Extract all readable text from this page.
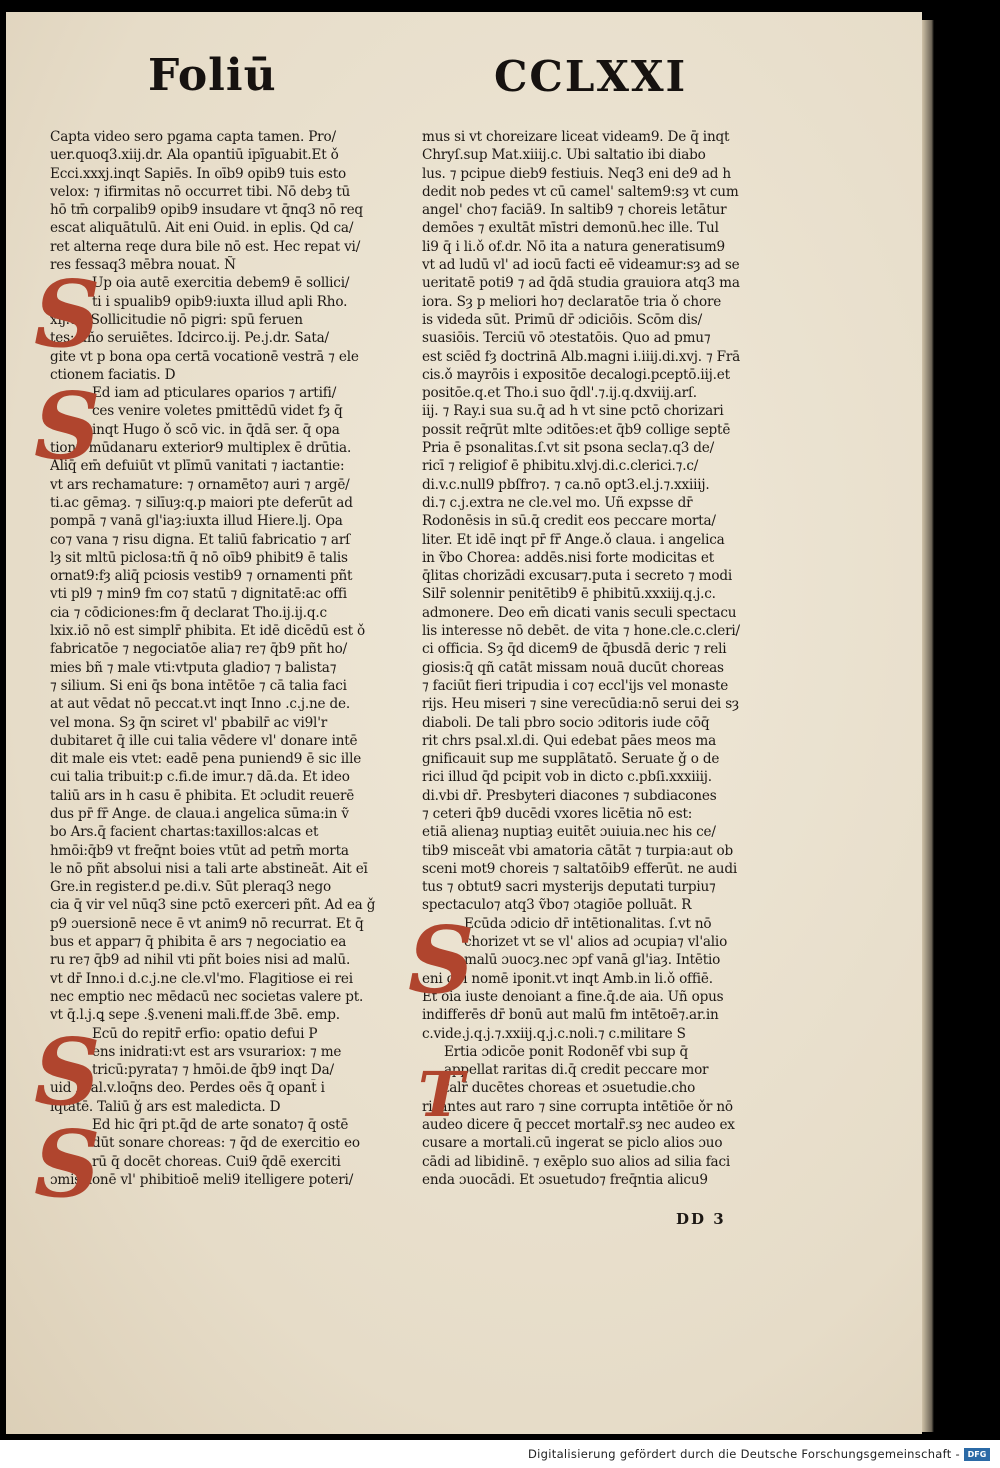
Foliū	CCLXXI
Capta video sero pgama capta tamen. Pro/
uer.quoq3.xiij.dr. Ala opantiū ipīguabit.Et ǒ
Ecci.xxxj.inqt Sapiēs. In oīb9 opib9 tuis esto
velox: ⁊ ifirmitas nō occurret tibi. Nō debȝ tū
hō tm̄ corpalib9 opib9 insudare vt q̄nq3 nō req
escat aliquātulū. Ait eni Ouid. in eplis. Qd ca/
ret alterna reqe dura bile nō est. Hec repat vi/
res fessaq3 mēbra nouat. Ñ
Up oia autē exercitia debem9 ē sollici/
ti i spualib9 opib9:iuxta illud apli Rho.
xij.di. Sollicitudie nō pigri: spū feruen
tes: dño seruiētes. Idcirco.ij. Pe.j.dr. Sata/
gite vt p bona opa certā vocationē vestrā ⁊ ele
ctionem faciatis. D
Ed iam ad pticulares oparios ⁊ artifi/
ces venire voletes pmittēdū videt fȝ q̄
inqt Hugo ǒ scō vic. in q̄dā ser. q̄ opa
tionū mūdanaru exterior9 multiplex ē drūtia.
Aliq̄ em̄ defuiūt vt plīmū vanitati ⁊ iactantie:
vt ars rechamature: ⁊ ornamēto⁊ auri ⁊ argē/
ti.ac gēmaȝ. ⁊ silīuȝ:q.p maiori pte deferūt ad
pompā ⁊ vanā gl'iaȝ:iuxta illud Hiere.lj. Opa
co⁊ vana ⁊ risu digna. Et taliū fabricatio ⁊ arſ
lȝ sit mltū piclosa:tñ q̄ nō oīb9 phibit9 ē talis
ornat9:fȝ aliq̄ pciosis vestib9 ⁊ ornamenti pñt
vti pl9 ⁊ min9 fm co⁊ statū ⁊ dignitatē:ac offi
cia ⁊ cōdiciones:fm q̄ declarat Tho.ij.ij.q.c
lxix.iō nō est simplr̄ phibita. Et idē dicēdū est ǒ
fabricatōe ⁊ negociatōe alia⁊ re⁊ q̄b9 pñt ho/
mies bñ ⁊ male vti:vtputa gladio⁊ ⁊ balista⁊
⁊ silium. Si eni q̄s bona intētōe ⁊ cā talia faci
at aut vēdat nō peccat.vt inqt Inno .c.j.ne de.
vel mona. Sȝ q̄n sciret vl' pbabilr̄ ac vi9l'r
dubitaret q̄ ille cui talia vēdere vl' donare intē
dit male eis vtet: eadē pena puniend9 ē sic ille
cui talia tribuit:p c.fi.de imur.⁊ dā.da. Et ideo
taliū ars in h casu ē phibita. Et ɔcludit reuerē
dus pr̄ fr̄ Ange. de claua.i angelica sūma:in ṽ
bo Ars.q̄ facient chartas:taxillos:alcas et
hmōi:q̄b9 vt freq̄nt boies vtūt ad petm̄ morta
le nō pñt absolui nisi a tali arte abstineāt. Ait eī
Gre.in register.d pe.di.v. Sūt pleraq3 nego
cia q̄ vir vel nūq3 sine pctō exerceri pñt. Ad ea ǧ
p9 ɔuersionē nece ē vt anim9 nō recurrat. Et q̄
bus et appar⁊ q̄ phibita ē ars ⁊ negociatio ea
ru re⁊ q̄b9 ad nihil vti pñt boies nisi ad malū.
vt dr̄ Inno.i d.c.j.ne cle.vl'mo. Flagitiose ei rei
nec emptio nec mēdacū nec societas valere pt.
vt q̄.l.j.ꝗ sepe .§.veneni mali.ff.de 3bē. emp.
Ecū do repitr̄ erfio: opatio defui P
ens inidrati:vt est ars vsurariox: ⁊ me
tricū:pyrata⁊ ⁊ hmōi.de q̄b9 inqt Da/
uid Psal.v.loq̄ns deo. Perdes oēs q̄ opant̄ i
iq̄tatē. Taliū ǧ ars est maledicta. D
Ed hic q̄ri pt.q̄d de arte sonato⁊ q̄ ostē
dūt sonare choreas: ⁊ q̄d de exercitio eo
rū q̄ docēt choreas. Cui9 q̄dē exerciti
ɔmissionē vl' phibitioē meli9 itelligere poteri/
mus si vt choreizare liceat videam9. De q̄ inqt
Chryſ.sup Mat.xiiij.c. Ubi saltatio ibi diabo
lus. ⁊ pcipue dieb9 festiuis. Neq3 eni de9 ad h
dedit nob pedes vt cū camel' saltem9:sȝ vt cum
angel' cho⁊ faciā9. In saltib9 ⁊ choreis letātur
demōes ⁊ exultāt mīstri demonū.hec ille. Tul
li9 q̄ i li.ǒ of.dr. Nō ita a natura generatisum9
vt ad ludū vl' ad iocū facti eē videamur:sȝ ad se
ueritatē poti9 ⁊ ad q̄dā studia grauiora atq3 ma
iora. Sȝ p meliori ho⁊ declaratōe tria ǒ chore
is videda sūt. Primū dr̄ ɔdiciōis. Scōm dis/
suasiōis. Terciū vō ɔtestatōis. Quo ad pmu⁊
est sciēd fȝ doctrinā Alb.magni i.iiij.di.xvj. ⁊ Frā
cis.ǒ mayrōis i expositōe decalogi.pceptō.iij.et
positōe.q.et Tho.i suo q̄dl'.⁊.ij.q.dxviij.arſ.
iij. ⁊ Ray.i sua su.q̄ ad h vt sine pctō chorizari
possit req̄rūt mlte ɔditōes:et q̄b9 collige septē
Pria ē psonalitas.ſ.vt sit psona secla⁊.q3 de/
ricī ⁊ religiof ē phibitu.xlvj.di.c.clerici.⁊.c/
di.v.c.null9 pbſfro⁊. ⁊ ca.nō opt3.el.j.⁊.xxiiij.
di.⁊ c.j.extra ne cle.vel mo. Uñ expsse dr̄
Rodonēsis in sū.q̄ credit eos peccare morta/
liter. Et idē inqt pr̄ fr̄ Ange.ǒ claua. i angelica
in ṽbo Chorea: addēs.nisi forte modicitas et
q̄litas chorizādi excusar⁊.puta i secreto ⁊ modi
Silr̄ solennir penitētib9 ē phibitū.xxxiij.q.j.c.
admonere. Deo em̄ dicati vanis seculi spectacu
lis interesse nō debēt. de vita ⁊ hone.cle.c.cleri/
ci officia. Sȝ q̄d dicem9 de q̄busdā deric ⁊ reli
giosis:q̄ qñ catāt missam nouā ducūt choreas
⁊ faciūt fieri tripudia i co⁊ eccl'ijs vel monaste
rijs. Heu miseri ⁊ sine verecūdia:nō serui dei sȝ
diaboli. De tali pbro socio ɔditoris iude cōq̄
rit chrs psal.xl.di. Qui edebat pāes meos ma
gnificauit sup me supplātatō. Seruate ǧ o de
rici illud q̄d pcipit vob in dicto c.pbſi.xxxiiij.
di.vbi dr̄. Presbyteri diacones ⁊ subdiacones
⁊ ceteri q̄b9 ducēdi vxores licētia nō est:
etiā alienaȝ nuptiaȝ euitēt ɔuiuia.nec his ce/
tib9 misceāt vbi amatoria cātāt ⁊ turpia:aut ob
sceni mot9 choreis ⁊ saltatōib9 efferūt. ne audi
tus ⁊ obtut9 sacri mysterijs deputati turpiu⁊
spectaculo⁊ atq3 ṽbo⁊ ɔtagiōe polluāt. R
Ecūda ɔdicio dr̄ intētionalitas. ſ.vt nō
chorizet vt se vl' alios ad ɔcupia⁊ vl'alio
malū ɔuocȝ.nec ɔpf vanā gl'iaȝ. Intētio
eni opi nomē iponit.vt inqt Amb.in li.ǒ offiē.
Et oia iuste denoiant a fine.q̄.de aia. Uñ opus
indifferēs dr̄ bonū aut malū fm intētoē⁊.ar.in
c.vide.j.q.j.⁊.xxiij.q.j.c.noli.⁊ c.militare S
Ertia ɔdicōe ponit Rodonēf vbi sup q̄
appellat raritas di.q̄ credit peccare mor
talr̄ ducētes choreas et ɔsuetudie.cho
rizantes aut raro ⁊ sine corrupta intētiōe ǒr nō
audeo dicere q̄ peccet mortalr̄.sȝ nec audeo ex
cusare a mortali.cū ingerat se piclo alios ɔuo
cādi ad libidinē. ⁊ exēplo suo alios ad silia faci
enda ɔuocādi. Et ɔsuetudo⁊ freq̄ntia alicu9
S
S
S
S
S
T
DD 3
Digitalisierung gefördert durch die Deutsche Forschungsgemeinschaft - DFG
